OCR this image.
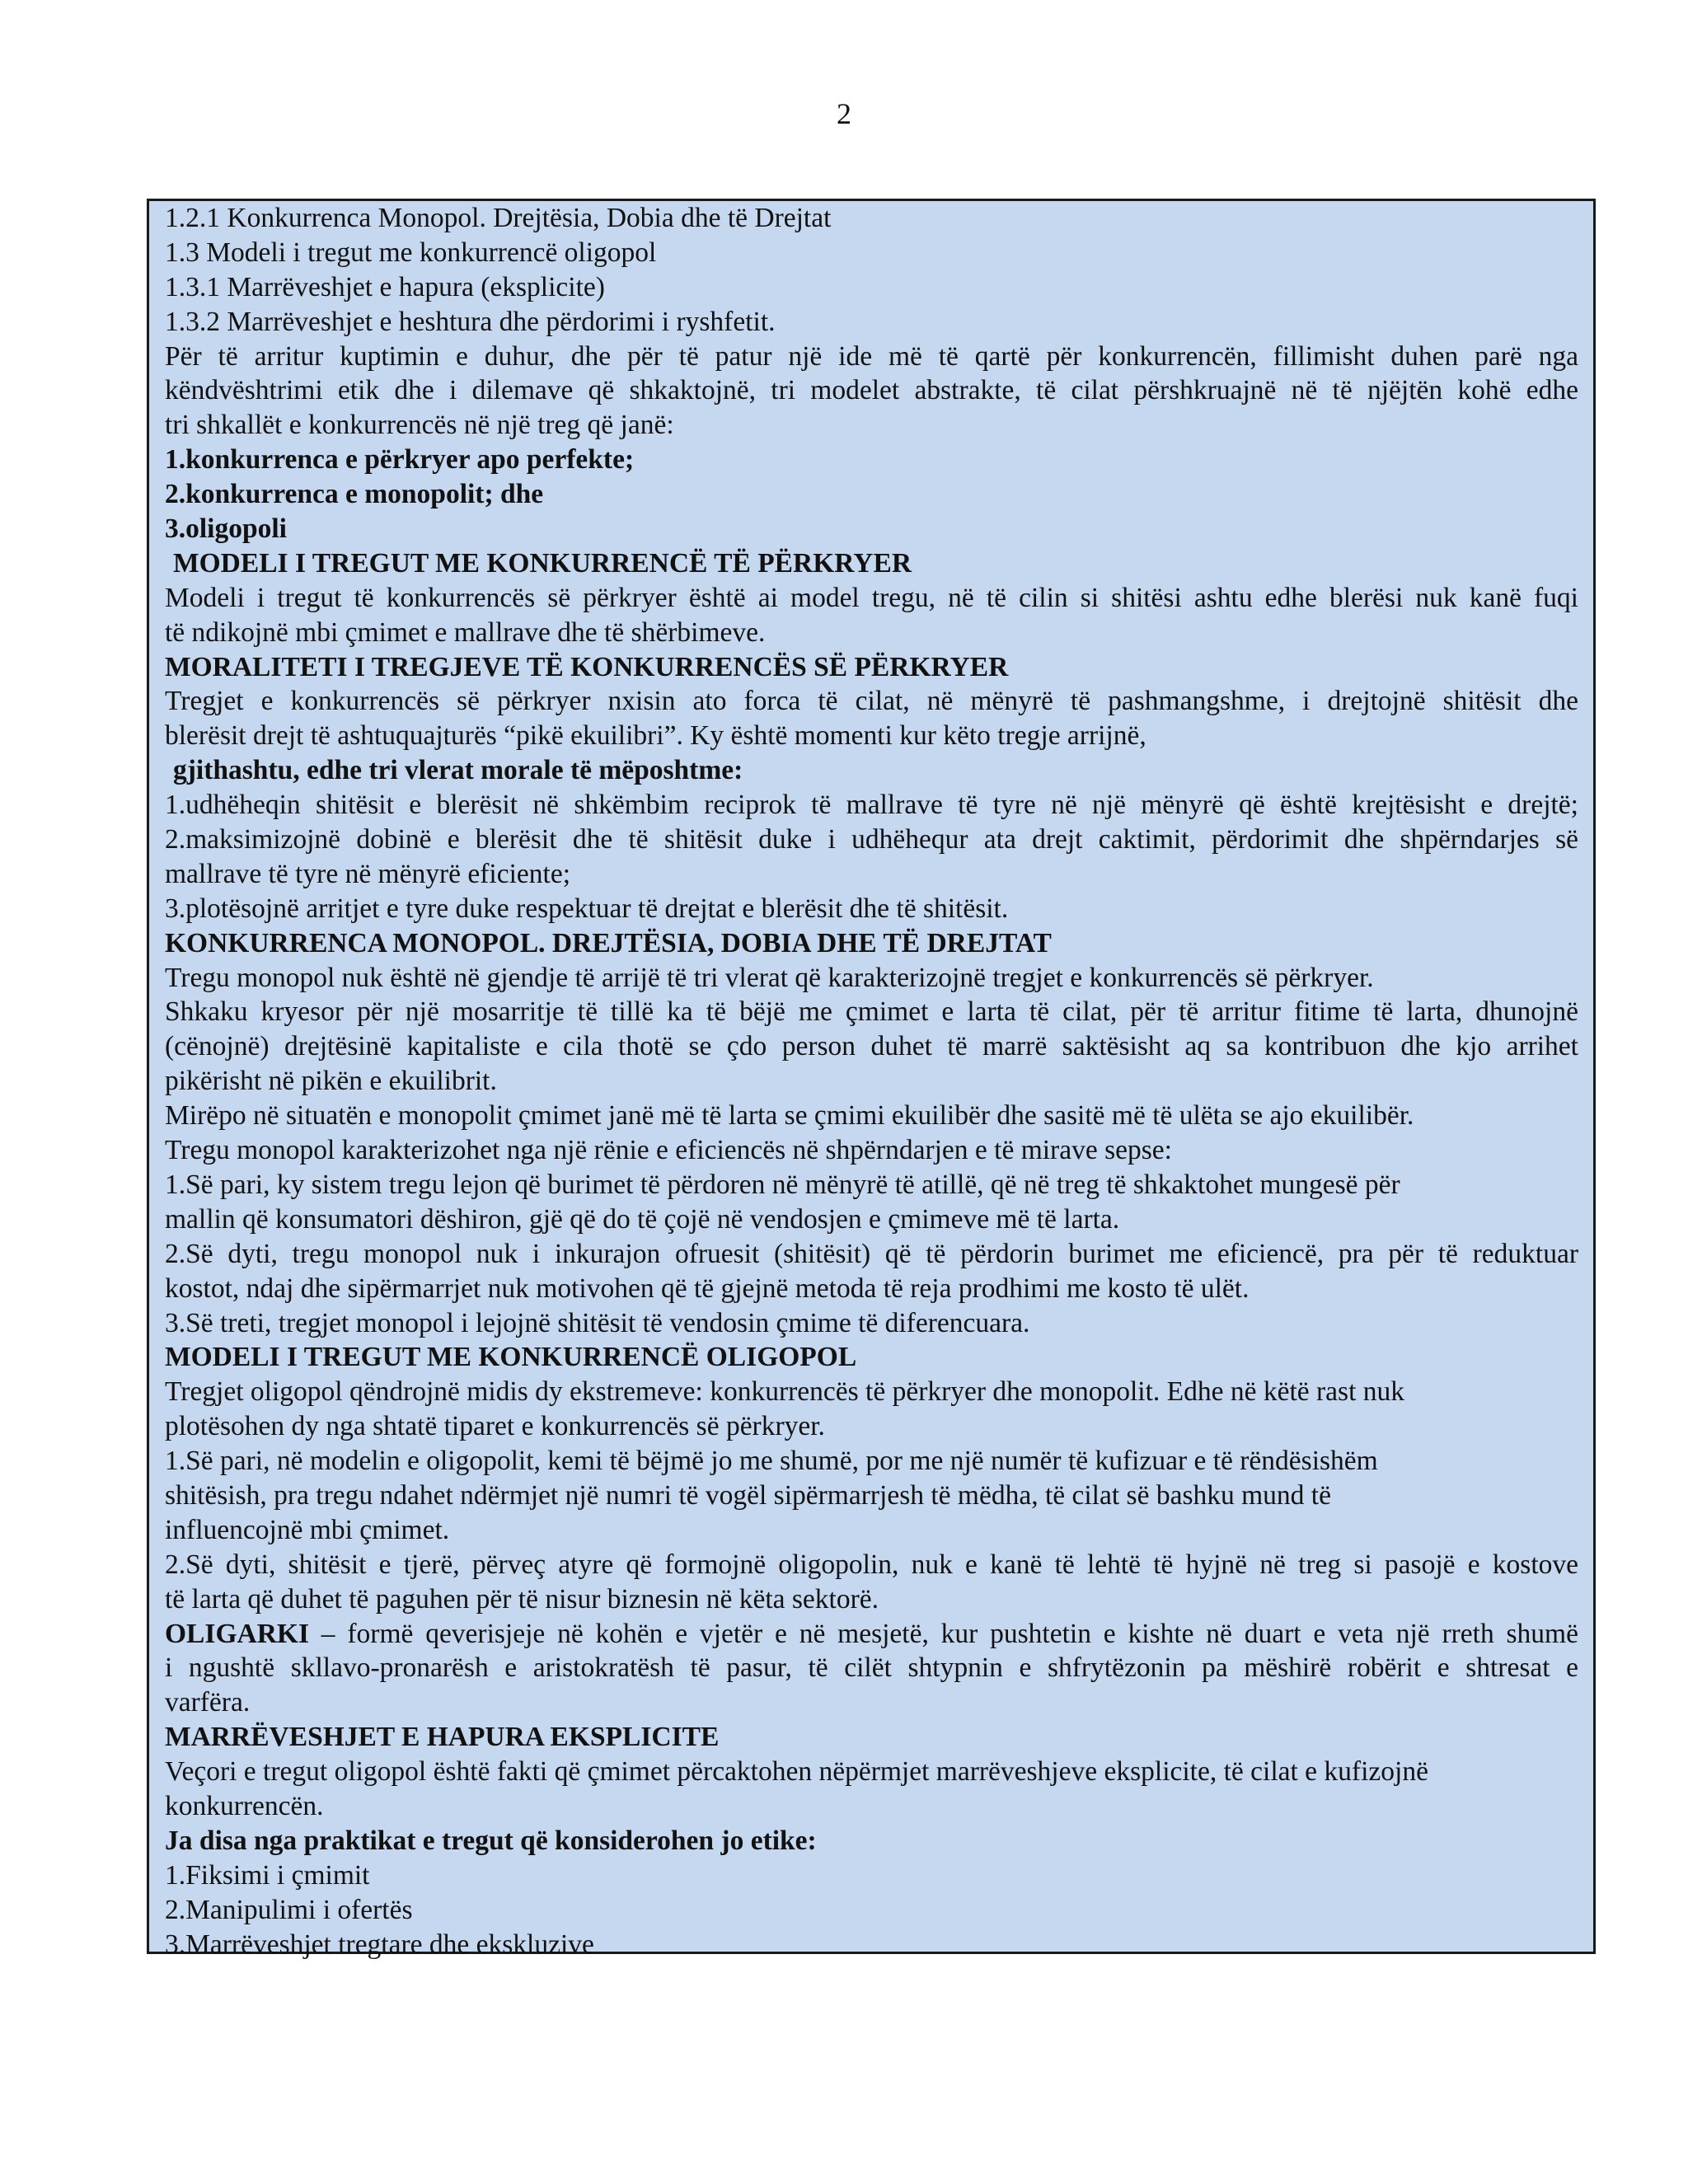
2
1.2.1 Konkurrenca Monopol. Drejtësia, Dobia dhe të Drejtat
1.3 Modeli i tregut me konkurrencë oligopol
1.3.1 Marrëveshjet e hapura (eksplicite)
1.3.2 Marrëveshjet e heshtura dhe përdorimi i ryshfetit.
Për të arritur kuptimin e duhur, dhe për të patur një ide më të qartë për konkurrencën, fillimisht duhen parë nga
këndvështrimi etik dhe i dilemave që shkaktojnë, tri modelet abstrakte, të cilat përshkruajnë në të njëjtën kohë edhe
tri shkallët e konkurrencës në një treg që janë:
1.konkurrenca e përkryer apo perfekte;
2.konkurrenca e monopolit; dhe
3.oligopoli
MODELI I TREGUT ME KONKURRENCË TË PËRKRYER
Modeli i tregut të konkurrencës së përkryer është ai model tregu, në të cilin si shitësi ashtu edhe blerësi nuk kanë fuqi
të ndikojnë mbi çmimet e mallrave dhe të shërbimeve.
MORALITETI I TREGJEVE TË KONKURRENCËS SË PËRKRYER
Tregjet e konkurrencës së përkryer nxisin ato forca të cilat, në mënyrë të pashmangshme, i drejtojnë shitësit dhe
blerësit drejt të ashtuquajturës “pikë ekuilibri”. Ky është momenti kur këto tregje arrijnë,
gjithashtu, edhe tri vlerat morale të mëposhtme:
1.udhëheqin shitësit e blerësit në shkëmbim reciprok të mallrave të tyre në një mënyrë që është krejtësisht e drejtë;
2.maksimizojnë dobinë e blerësit dhe të shitësit duke i udhëhequr ata drejt caktimit, përdorimit dhe shpërndarjes së
mallrave të tyre në mënyrë eficiente;
3.plotësojnë arritjet e tyre duke respektuar të drejtat e blerësit dhe të shitësit.
KONKURRENCA MONOPOL. DREJTËSIA, DOBIA DHE TË DREJTAT
Tregu monopol nuk është në gjendje të arrijë të tri vlerat që karakterizojnë tregjet e konkurrencës së përkryer.
Shkaku kryesor për një mosarritje të tillë ka të bëjë me çmimet e larta të cilat, për të arritur fitime të larta, dhunojnë
(cënojnë) drejtësinë kapitaliste e cila thotë se çdo person duhet të marrë saktësisht aq sa kontribuon dhe kjo arrihet
pikërisht në pikën e ekuilibrit.
Mirëpo në situatën e monopolit çmimet janë më të larta se çmimi ekuilibër dhe sasitë më të ulëta se ajo ekuilibër.
Tregu monopol karakterizohet nga një rënie e eficiencës në shpërndarjen e të mirave sepse:
1.Së pari, ky sistem tregu lejon që burimet të përdoren në mënyrë të atillë, që në treg të shkaktohet mungesë për
mallin që konsumatori dëshiron, gjë që do të çojë në vendosjen e çmimeve më të larta.
2.Së dyti, tregu monopol nuk i inkurajon ofruesit (shitësit) që të përdorin burimet me eficiencë, pra për të reduktuar
kostot, ndaj dhe sipërmarrjet nuk motivohen që të gjejnë metoda të reja prodhimi me kosto të ulët.
3.Së treti, tregjet monopol i lejojnë shitësit të vendosin çmime të diferencuara.
MODELI I TREGUT ME KONKURRENCË OLIGOPOL
Tregjet oligopol qëndrojnë midis dy ekstremeve: konkurrencës të përkryer dhe monopolit. Edhe në këtë rast nuk
plotësohen dy nga shtatë tiparet e konkurrencës së përkryer.
1.Së pari, në modelin e oligopolit, kemi të bëjmë jo me shumë, por me një numër të kufizuar e të rëndësishëm
shitësish, pra tregu ndahet ndërmjet një numri të vogël sipërmarrjesh të mëdha, të cilat së bashku mund të
influencojnë mbi çmimet.
2.Së dyti, shitësit e tjerë, përveç atyre që formojnë oligopolin, nuk e kanë të lehtë të hyjnë në treg si pasojë e kostove
të larta që duhet të paguhen për të nisur biznesin në këta sektorë.
OLIGARKI – formë qeverisjeje në kohën e vjetër e në mesjetë, kur pushtetin e kishte në duart e veta një rreth shumë
i ngushtë skllavo-pronarësh e aristokratësh të pasur, të cilët shtypnin e shfrytëzonin pa mëshirë robërit e shtresat e
varfëra.
MARRËVESHJET E HAPURA EKSPLICITE
Veçori e tregut oligopol është fakti që çmimet përcaktohen nëpërmjet marrëveshjeve eksplicite, të cilat e kufizojnë
konkurrencën.
Ja disa nga praktikat e tregut që konsiderohen jo etike:
1.Fiksimi i çmimit
2.Manipulimi i ofertës
3.Marrëveshjet tregtare dhe ekskluzive
